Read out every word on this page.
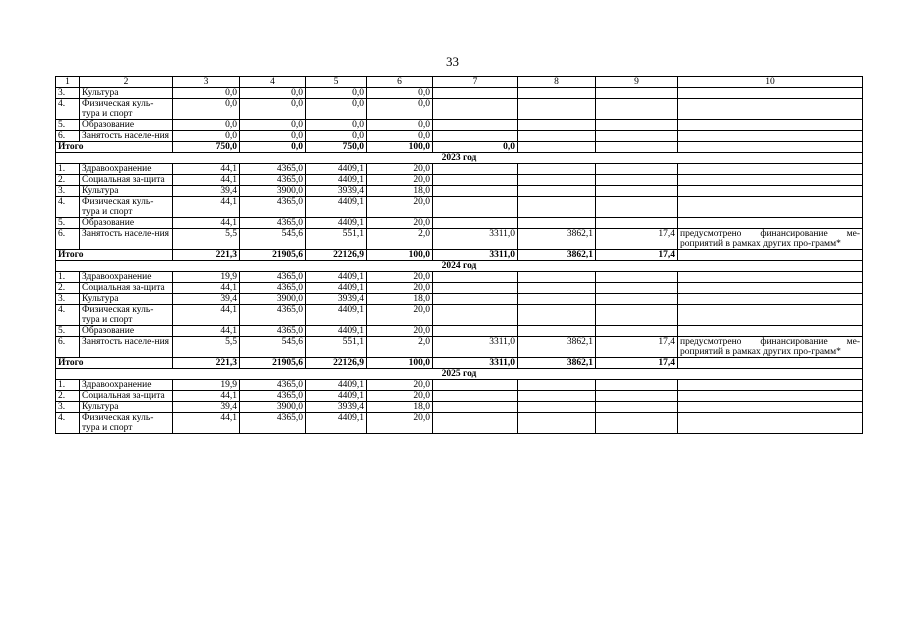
33
1	2	3	4	5	6	7	8	9	10
3.	Культура	0,0	0,0	0,0	0,0				
4.	Физическая куль-тура и спорт	0,0	0,0	0,0	0,0				
5.	Образование	0,0	0,0	0,0	0,0				
6.	Занятость населе-ния	0,0	0,0	0,0	0,0				
Итого		750,0	0,0	750,0	100,0	0,0			
2023 год									
1.	Здравоохранение	44,1	4365,0	4409,1	20,0				
2.	Социальная за-щита	44,1	4365,0	4409,1	20,0				
3.	Культура	39,4	3900,0	3939,4	18,0				
4.	Физическая куль-тура и спорт	44,1	4365,0	4409,1	20,0				
5.	Образование	44,1	4365,0	4409,1	20,0				
6.	Занятость населе-ния	5,5	545,6	551,1	2,0	3311,0	3862,1	17,4	предусмотрено финансирование ме-роприятий в рамках других про-грамм*
Итого		221,3	21905,6	22126,9	100,0	3311,0	3862,1	17,4	
2024 год									
1.	Здравоохранение	19,9	4365,0	4409,1	20,0				
2.	Социальная за-щита	44,1	4365,0	4409,1	20,0				
3.	Культура	39,4	3900,0	3939,4	18,0				
4.	Физическая куль-тура и спорт	44,1	4365,0	4409,1	20,0				
5.	Образование	44,1	4365,0	4409,1	20,0				
6.	Занятость населе-ния	5,5	545,6	551,1	2,0	3311,0	3862,1	17,4	предусмотрено финансирование ме-роприятий в рамках других про-грамм*
Итого		221,3	21905,6	22126,9	100,0	3311,0	3862,1	17,4	
2025 год									
1.	Здравоохранение	19,9	4365,0	4409,1	20,0				
2.	Социальная за-щита	44,1	4365,0	4409,1	20,0				
3.	Культура	39,4	3900,0	3939,4	18,0				
4.	Физическая куль-тура и спорт	44,1	4365,0	4409,1	20,0				
